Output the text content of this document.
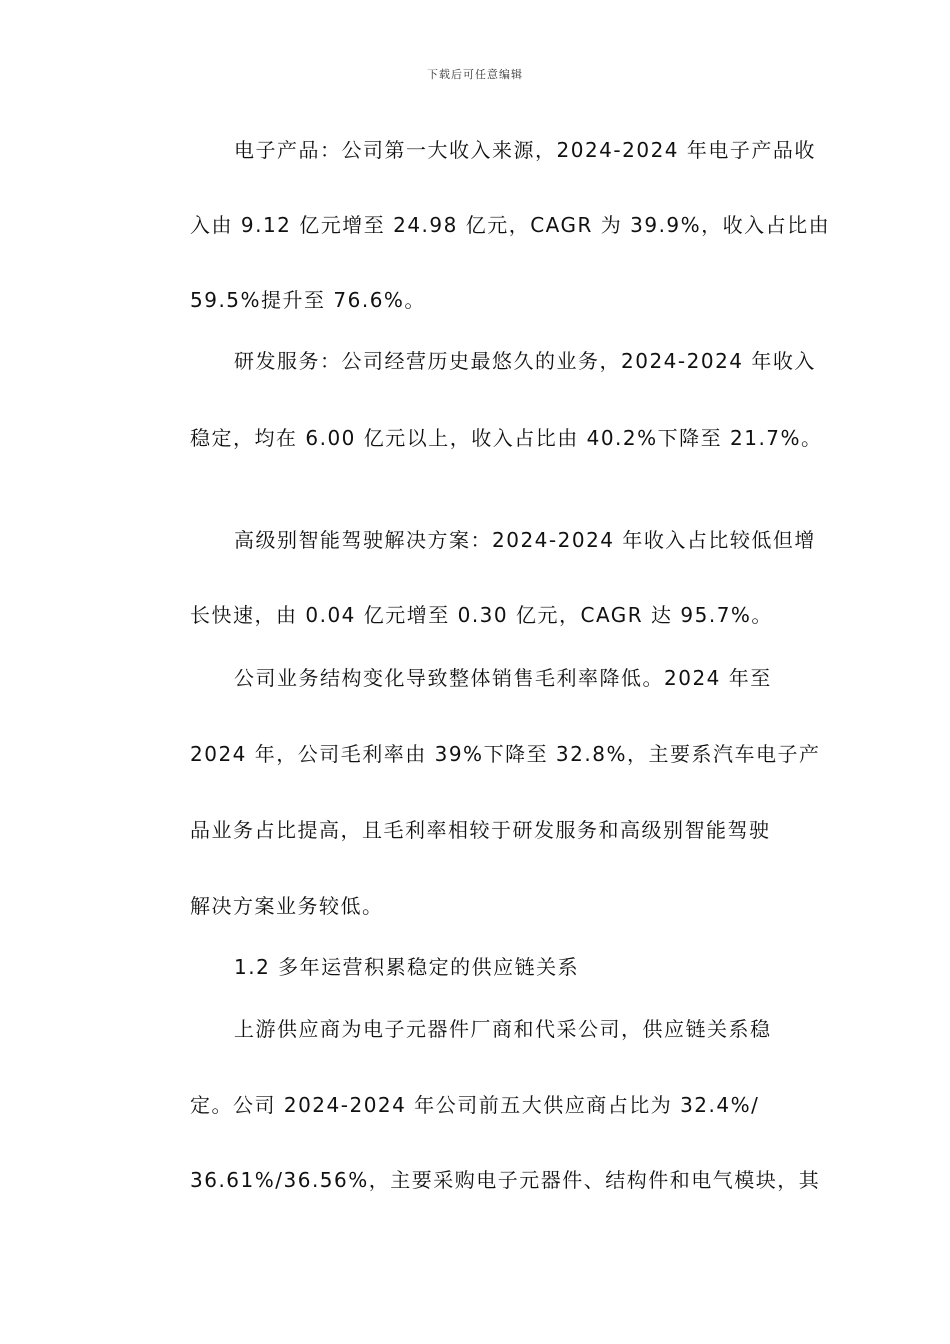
下载后可任意编辑
电子产品：公司第一大收入来源，2024-2024 年电子产品收
入由 9.12 亿元增至 24.98 亿元，CAGR 为 39.9%，收入占比由
59.5%提升至 76.6%。
研发服务：公司经营历史最悠久的业务，2024-2024 年收入
稳定，均在 6.00 亿元以上，收入占比由 40.2%下降至 21.7%。
高级别智能驾驶解决方案：2024-2024 年收入占比较低但增
长快速，由 0.04 亿元增至 0.30 亿元，CAGR 达 95.7%。
公司业务结构变化导致整体销售毛利率降低。2024 年至
2024 年，公司毛利率由 39%下降至 32.8%，主要系汽车电子产
品业务占比提高，且毛利率相较于研发服务和高级别智能驾驶
解决方案业务较低。
1.2 多年运营积累稳定的供应链关系
上游供应商为电子元器件厂商和代采公司，供应链关系稳
定。公司 2024-2024 年公司前五大供应商占比为 32.4%/
36.61%/36.56%，主要采购电子元器件、结构件和电气模块，其
